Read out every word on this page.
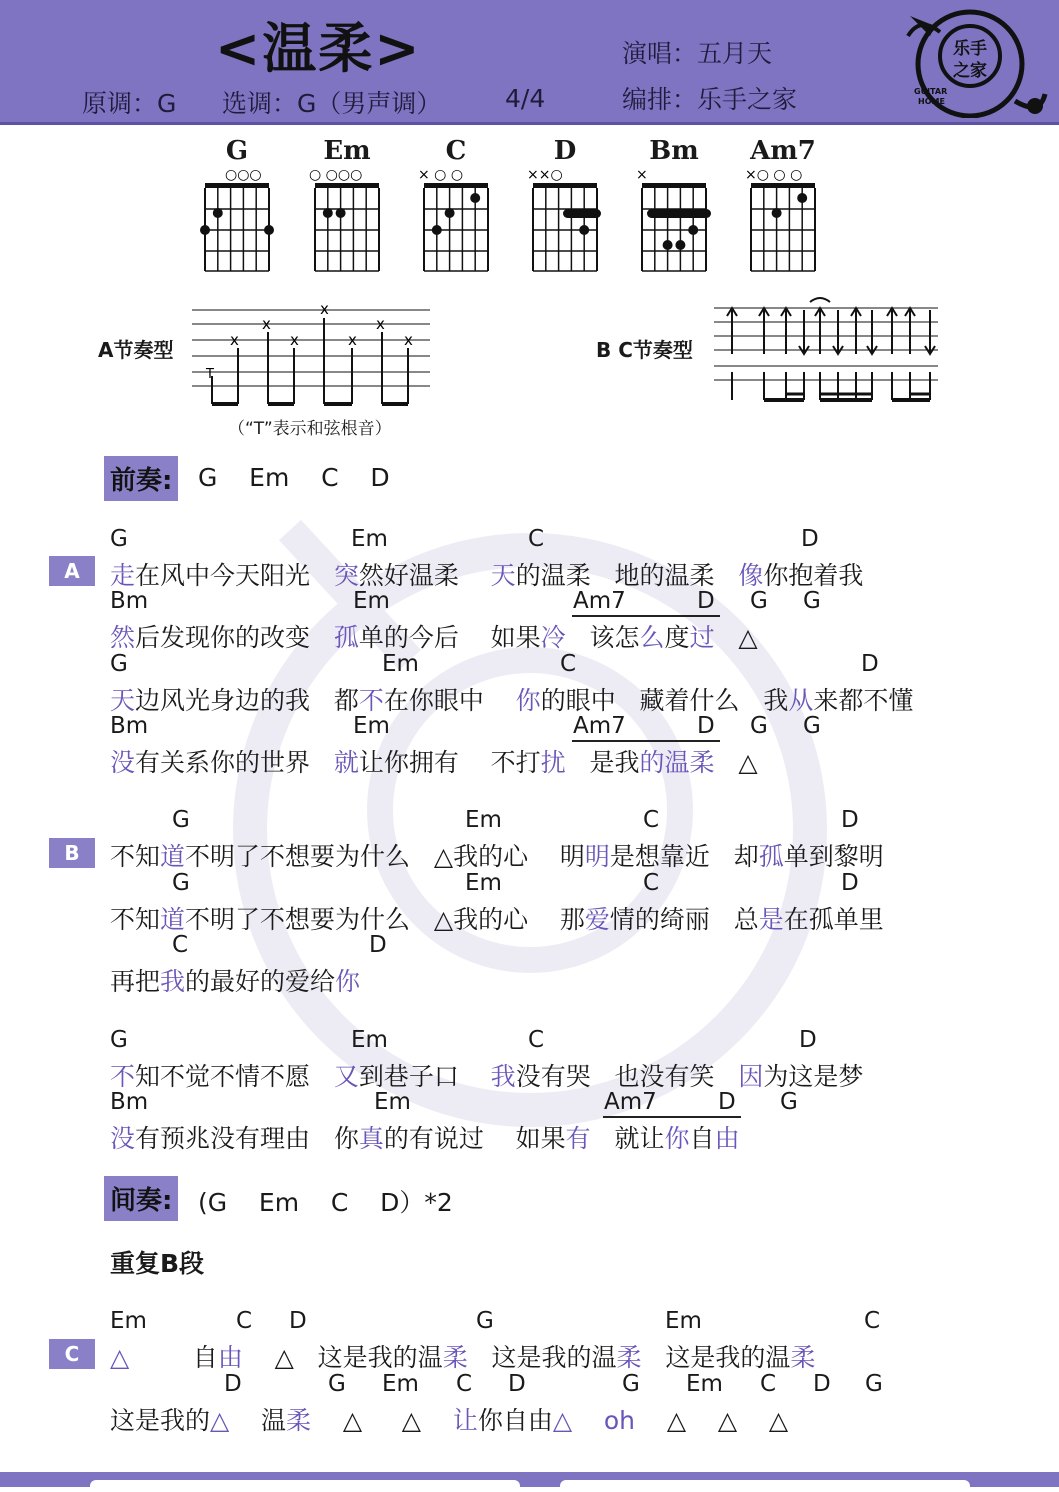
<温柔>
原调：G 选调：G（男声调）	4/4
演唱：五月天
编排：乐手之家
乐手
之家
GUITAR
HOME
G	Em	C	D	Bm	Am7
○○○	○ ○○○	× ○ ○	××○	×	×○ ○ ○
A节奏型
T
x
x
x
x
x
x
x
（“T”表示和弦根音）
B C节奏型
前奏: G    Em    C    D
A
B
C
G	Em	C	D
Bm	Em	Am7	D G G
G	Em	C	D
Bm	Em	Am7	D G G
G	Em	C	D
G	Em	C	D
C	D
G	Em	C	D
Bm	Em	Am7	D G
Em	C D	G	Em	C
D	G Em C D	G Em C D G
走在风中今天阳光   突然好温柔    天的温柔   地的温柔   像你抱着我
然后发现你的改变   孤单的今后    如果冷   该怎么度过   △
天边风光身边的我   都不在你眼中    你的眼中   藏着什么   我从来都不懂
没有关系你的世界   就让你拥有    不打扰   是我的温柔   △
不知道不明了不想要为什么   △我的心    明明是想靠近   却孤单到黎明
不知道不明了不想要为什么   △我的心    那爱情的绮丽   总是在孤单里
再把我的最好的爱给你
不知不觉不情不愿   又到巷子口    我没有哭   也没有笑   因为这是梦
没有预兆没有理由   你真的有说过    如果有   就让你自由
△        自由    △   这是我的温柔   这是我的温柔   这是我的温柔
这是我的△    温柔    △     △    让你自由△ oh    △    △    △
间奏: (G    Em    C    D）*2
重复B段
